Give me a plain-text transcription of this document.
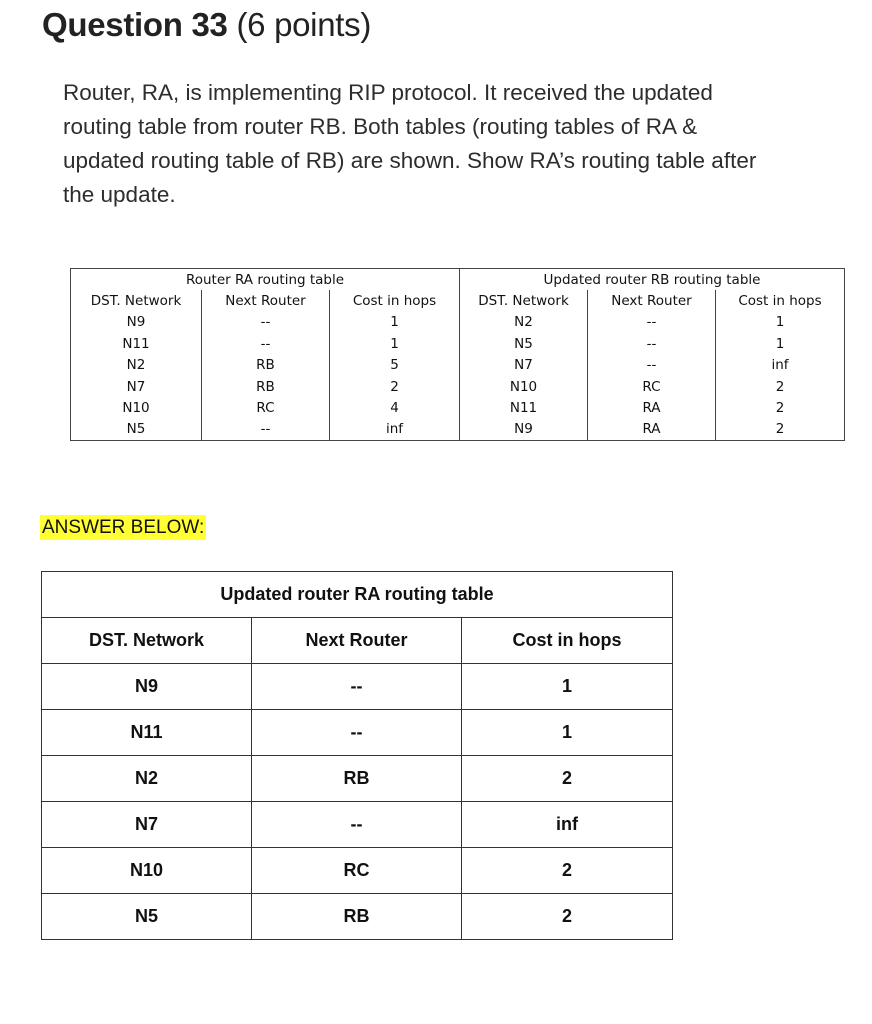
Question 33 (6 points)
Router, RA, is implementing RIP protocol. It received the updated
routing table from router RB. Both tables (routing tables of RA &
updated routing table of RB) are shown. Show RA’s routing table after
the update.
Router RA routing table			Updated router RB routing table		
DST. Network	Next Router	Cost in hops	DST. Network	Next Router	Cost in hops
N9	--	1	N2	--	1
N11	--	1	N5	--	1
N2	RB	5	N7	--	inf
N7	RB	2	N10	RC	2
N10	RC	4	N11	RA	2
N5	--	inf	N9	RA	2
ANSWER BELOW:
Updated router RA routing table		
DST. Network	Next Router	Cost in hops
N9	--	1
N11	--	1
N2	RB	2
N7	--	inf
N10	RC	2
N5	RB	2
